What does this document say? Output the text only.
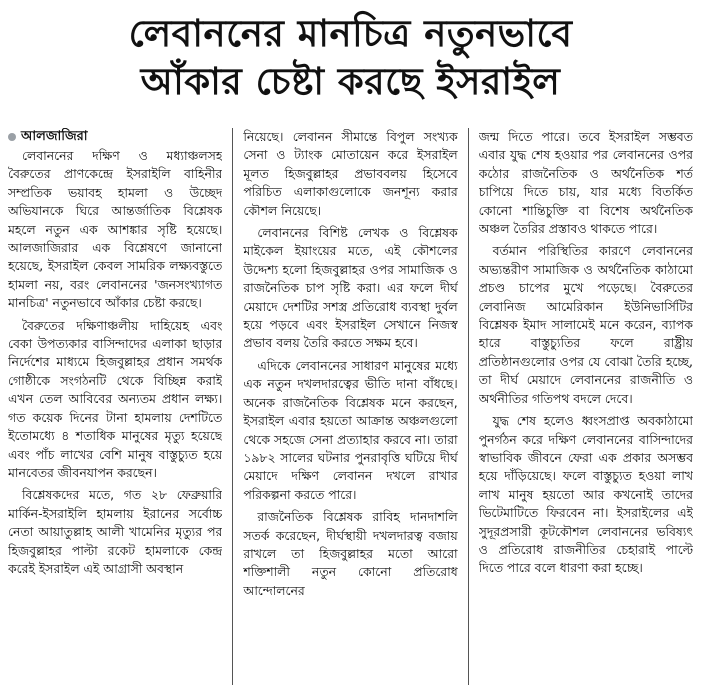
লেবাননের মানচিত্র নতুনভাবে
আঁকার চেষ্টা করছে ইসরাইল
আলজাজিরা

লেবাননের দক্ষিণ ও মধ্যাঞ্চলসহ বৈরুতের প্রাণকেন্দ্রে ইসরাইলি বাহিনীর সম্প্রতিক ভয়াবহ হামলা ও উচ্ছেদ অভিযানকে ঘিরে আন্তর্জাতিক বিশ্লেষক মহলে নতুন এক আশঙ্কার সৃষ্টি হয়েছে। আলজাজিরার এক বিশ্লেষণে জানানো হয়েছে, ইসরাইল কেবল সামরিক লক্ষ্যবস্তুতে হামলা নয়, বরং লেবাননের 'জনসংখ্যাগত মানচিত্র' নতুনভাবে আঁকার চেষ্টা করছে।

বৈরুতের দক্ষিণাঞ্চলীয় দাহিয়েহ এবং বেকা উপত্যকার বাসিন্দাদের এলাকা ছাড়ার নির্দেশের মাধ্যমে হিজবুল্লাহর প্রধান সমর্থক গোষ্ঠীকে সংগঠনটি থেকে বিচ্ছিন্ন করাই এখন তেল আবিবের অন্যতম প্রধান লক্ষ্য। গত কয়েক দিনের টানা হামলায় দেশটিতে ইতোমধ্যে ৪ শতাধিক মানুষের মৃত্যু হয়েছে এবং পাঁচ লাখের বেশি মানুষ বাস্তুচ্যুত হয়ে মানবেতর জীবনযাপন করছেন।

বিশ্লেষকদের মতে, গত ২৮ ফেব্রুয়ারি মার্কিন-ইসরাইলি হামলায় ইরানের সর্বোচ্চ নেতা আয়াতুল্লাহ আলী খামেনির মৃত্যুর পর হিজবুল্লাহর পাল্টা রকেট হামলাকে কেন্দ্র করেই ইসরাইল এই আগ্রাসী অবস্থান

নিয়েছে। লেবানন সীমান্তে বিপুল সংখ্যক সেনা ও ট্যাংক মোতায়েন করে ইসরাইল মূলত হিজবুল্লাহর প্রভাববলয় হিসেবে পরিচিত এলাকাগুলোকে জনশূন্য করার কৌশল নিয়েছে।

লেবাননের বিশিষ্ট লেখক ও বিশ্লেষক মাইকেল ইয়াংয়ের মতে, এই কৌশলের উদ্দেশ্য হলো হিজবুল্লাহর ওপর সামাজিক ও রাজনৈতিক চাপ সৃষ্টি করা। এর ফলে দীর্ঘ মেয়াদে দেশটির সশস্ত্র প্রতিরোধ ব্যবস্থা দুর্বল হয়ে পড়বে এবং ইসরাইল সেখানে নিজস্ব প্রভাব বলয় তৈরি করতে সক্ষম হবে।

এদিকে লেবাননের সাধারণ মানুষের মধ্যে এক নতুন দখলদারত্বের ভীতি দানা বাঁধছে। অনেক রাজনৈতিক বিশ্লেষক মনে করছেন, ইসরাইল এবার হয়তো আক্রান্ত অঞ্চলগুলো থেকে সহজে সেনা প্রত্যাহার করবে না। তারা ১৯৮২ সালের ঘটনার পুনরাবৃত্তি ঘটিয়ে দীর্ঘ মেয়াদে দক্ষিণ লেবানন দখলে রাখার পরিকল্পনা করতে পারে।

রাজনৈতিক বিশ্লেষক রাবিহ দানদাশলি সতর্ক করেছেন, দীর্ঘস্থায়ী দখলদারত্ব বজায় রাখলে তা হিজবুল্লাহর মতো আরো শক্তিশালী নতুন কোনো প্রতিরোধ আন্দোলনের

জন্ম দিতে পারে। তবে ইসরাইল সম্ভবত এবার যুদ্ধ শেষ হওয়ার পর লেবাননের ওপর কঠোর রাজনৈতিক ও অর্থনৈতিক শর্ত চাপিয়ে দিতে চায়, যার মধ্যে বিতর্কিত কোনো শান্তিচুক্তি বা বিশেষ অর্থনৈতিক অঞ্চল তৈরির প্রস্তাবও থাকতে পারে।

বর্তমান পরিস্থিতির কারণে লেবাননের অভ্যন্তরীণ সামাজিক ও অর্থনৈতিক কাঠামো প্রচণ্ড চাপের মুখে পড়েছে। বৈরুতের লেবানিজ আমেরিকান ইউনিভার্সিটির বিশ্লেষক ইমাদ সালামেই মনে করেন, ব্যাপক হারে বাস্তুচ্যুতির ফলে রাষ্ট্রীয় প্রতিষ্ঠানগুলোর ওপর যে বোঝা তৈরি হচ্ছে, তা দীর্ঘ মেয়াদে লেবাননের রাজনীতি ও অর্থনীতির গতিপথ বদলে দেবে।

যুদ্ধ শেষ হলেও ধ্বংসপ্রাপ্ত অবকাঠামো পুনর্গঠন করে দক্ষিণ লেবাননের বাসিন্দাদের স্বাভাবিক জীবনে ফেরা এক প্রকার অসম্ভব হয়ে দাঁড়িয়েছে। ফলে বাস্তুচ্যুত হওয়া লাখ লাখ মানুষ হয়তো আর কখনোই তাদের ভিটেমাটিতে ফিরবেন না। ইসরাইলের এই সুদূরপ্রসারী কূটকৌশল লেবাননের ভবিষ্যৎ ও প্রতিরোধ রাজনীতির চেহারাই পাল্টে দিতে পারে বলে ধারণা করা হচ্ছে।
